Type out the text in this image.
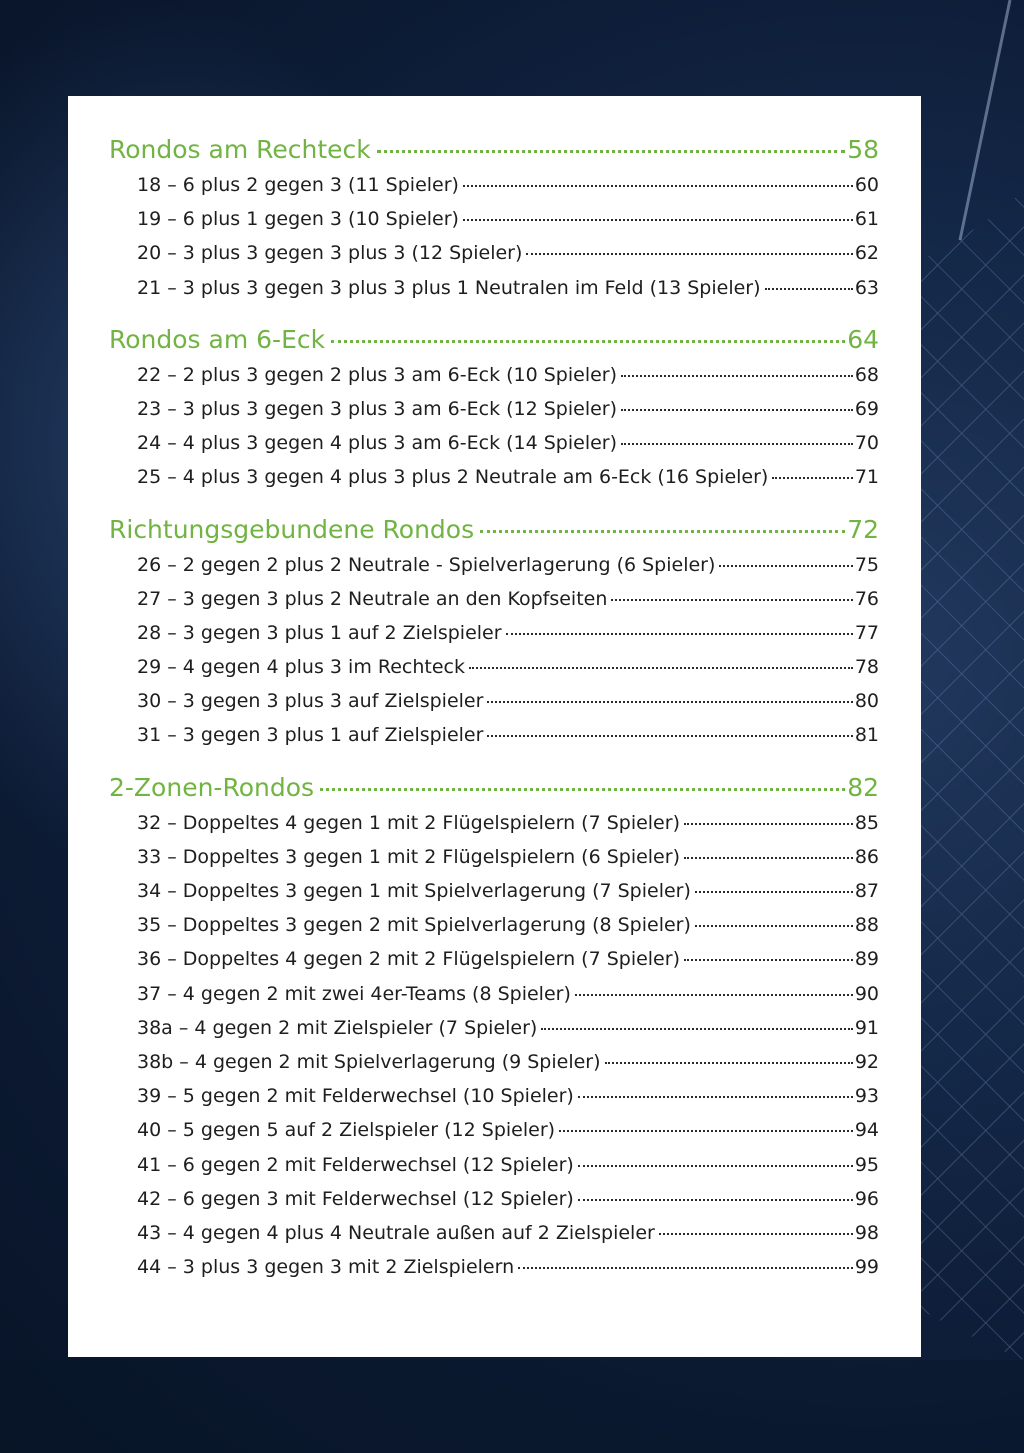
Rondos am Rechteck	58
18 – 6 plus 2 gegen 3 (11 Spieler)	60
19 – 6 plus 1 gegen 3 (10 Spieler)	61
20 – 3 plus 3 gegen 3 plus 3 (12 Spieler)	62
21 – 3 plus 3 gegen 3 plus 3 plus 1 Neutralen im Feld (13 Spieler)	63
Rondos am 6-Eck	64
22 – 2 plus 3 gegen 2 plus 3 am 6-Eck (10 Spieler)	68
23 – 3 plus 3 gegen 3 plus 3 am 6-Eck (12 Spieler)	69
24 – 4 plus 3 gegen 4 plus 3 am 6-Eck (14 Spieler)	70
25 – 4 plus 3 gegen 4 plus 3 plus 2 Neutrale am 6-Eck (16 Spieler)	71
Richtungsgebundene Rondos	72
26 – 2 gegen 2 plus 2 Neutrale - Spielverlagerung (6 Spieler)	75
27 – 3 gegen 3 plus 2 Neutrale an den Kopfseiten	76
28 – 3 gegen 3 plus 1 auf 2 Zielspieler	77
29 – 4 gegen 4 plus 3 im Rechteck	78
30 – 3 gegen 3 plus 3 auf Zielspieler	80
31 – 3 gegen 3 plus 1 auf Zielspieler	81
2-Zonen-Rondos	82
32 – Doppeltes 4 gegen 1 mit 2 Flügelspielern (7 Spieler)	85
33 – Doppeltes 3 gegen 1 mit 2 Flügelspielern (6 Spieler)	86
34 – Doppeltes 3 gegen 1 mit Spielverlagerung (7 Spieler)	87
35 – Doppeltes 3 gegen 2 mit Spielverlagerung (8 Spieler)	88
36 – Doppeltes 4 gegen 2 mit 2 Flügelspielern (7 Spieler)	89
37 – 4 gegen 2 mit zwei 4er-Teams (8 Spieler)	90
38a – 4 gegen 2 mit Zielspieler (7 Spieler)	91
38b – 4 gegen 2 mit Spielverlagerung (9 Spieler)	92
39 – 5 gegen 2 mit Felderwechsel (10 Spieler)	93
40 – 5 gegen 5 auf 2 Zielspieler (12 Spieler)	94
41 – 6 gegen 2 mit Felderwechsel (12 Spieler)	95
42 – 6 gegen 3 mit Felderwechsel (12 Spieler)	96
43 – 4 gegen 4 plus 4 Neutrale außen auf 2 Zielspieler	98
44 – 3 plus 3 gegen 3 mit 2 Zielspielern	99
